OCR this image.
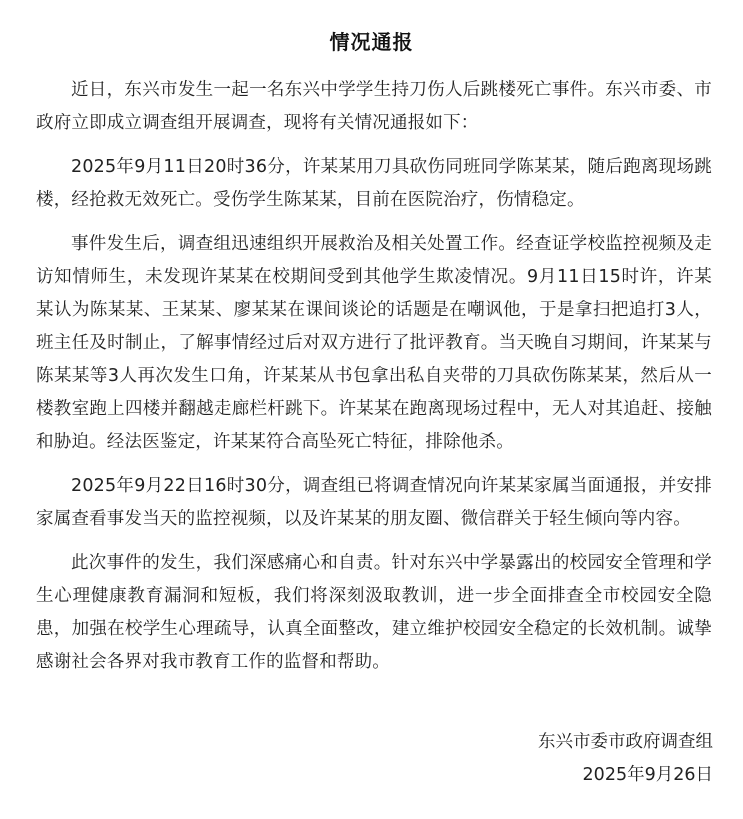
情况通报

近日，东兴市发生一起一名东兴中学学生持刀伤人后跳楼死亡事件。东兴市委、市政府立即成立调查组开展调查，现将有关情况通报如下：

2025年9月11日20时36分，许某某用刀具砍伤同班同学陈某某，随后跑离现场跳楼，经抢救无效死亡。受伤学生陈某某，目前在医院治疗，伤情稳定。

事件发生后，调查组迅速组织开展救治及相关处置工作。经查证学校监控视频及走访知情师生，未发现许某某在校期间受到其他学生欺凌情况。9月11日15时许，许某某认为陈某某、王某某、廖某某在课间谈论的话题是在嘲讽他，于是拿扫把追打3人，班主任及时制止，了解事情经过后对双方进行了批评教育。当天晚自习期间，许某某与陈某某等3人再次发生口角，许某某从书包拿出私自夹带的刀具砍伤陈某某，然后从一楼教室跑上四楼并翻越走廊栏杆跳下。许某某在跑离现场过程中，无人对其追赶、接触和胁迫。经法医鉴定，许某某符合高坠死亡特征，排除他杀。

2025年9月22日16时30分，调查组已将调查情况向许某某家属当面通报，并安排家属查看事发当天的监控视频，以及许某某的朋友圈、微信群关于轻生倾向等内容。

此次事件的发生，我们深感痛心和自责。针对东兴中学暴露出的校园安全管理和学生心理健康教育漏洞和短板，我们将深刻汲取教训，进一步全面排查全市校园安全隐患，加强在校学生心理疏导，认真全面整改，建立维护校园安全稳定的长效机制。诚挚感谢社会各界对我市教育工作的监督和帮助。

东兴市委市政府调查组
2025年9月26日
